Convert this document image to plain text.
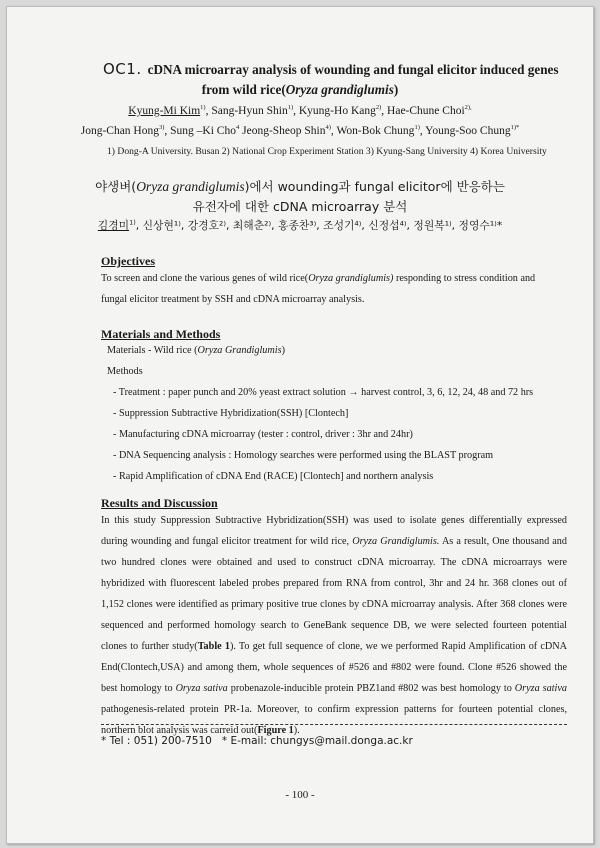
OC1. cDNA microarray analysis of wounding and fungal elicitor induced genes
from wild rice(Oryza grandiglumis)
Kyung-Mi Kim$^{1)}$, Sang-Hyun Shin$^{1)}$, Kyung-Ho Kang$^{2)}$, Hae-Chune Choi$^{2),}$
Jong-Chan Hong$^{3)}$, Sung –Ki Cho$^4$ Jeong-Sheop Shin$^{4)}$, Won-Bok Chung$^{1)}$, Young-Soo Chung$^{1)*}$
1) Dong-A University. Busan 2) National Crop Experiment Station 3) Kyung-Sang University 4) Korea University
야생벼(Oryza grandiglumis)에서 wounding과 fungal elicitor에 반응하는
유전자에 대한 cDNA microarray 분석
김경미$^{1)}$, 신상현¹⁾, 강경호²⁾, 최해춘²⁾, 홍종찬³⁾, 조성기⁴⁾, 신정섭⁴⁾, 정원복¹⁾, 정영수¹⁾*
Objectives
To screen and clone the various genes of wild rice(Oryza grandiglumis) responding to stress condition and
fungal elicitor treatment by SSH and cDNA microarray analysis.
Materials and Methods
Materials - Wild rice (Oryza Grandiglumis)
Methods
- Treatment : paper punch and 20% yeast extract solution → harvest control, 3, 6, 12, 24, 48 and 72 hrs
- Suppression Subtractive Hybridization(SSH) [Clontech]
- Manufacturing cDNA microarray (tester : control, driver : 3hr and 24hr)
- DNA Sequencing analysis : Homology searches were performed using the BLAST program
- Rapid Amplification of cDNA End (RACE) [Clontech] and northern analysis
Results and Discussion
In this study Suppression Subtractive Hybridization(SSH) was used to isolate genes differentially expressed during wounding and fungal elicitor treatment for wild rice, Oryza Grandiglumis. As a result, One thousand and two hundred clones were obtained and used to construct cDNA microarray. The cDNA microarrays were hybridized with fluorescent labeled probes prepared from RNA from control, 3hr and 24 hr. 368 clones out of 1,152 clones were identified as primary positive true clones by cDNA microarray analysis. After 368 clones were sequenced and performed homology search to GeneBank sequence DB, we were selected fourteen potential clones to further study(Table 1). To get full sequence of clone, we we performed Rapid Amplification of cDNA End(Clontech,USA) and among them, whole sequences of #526 and #802 were found. Clone #526 showed the best homology to Oryza sativa probenazole-inducible protein PBZ1and #802 was best homology to Oryza sativa pathogenesis-related protein PR-1a. Moreover, to confirm expression patterns for fourteen potential clones, northern blot analysis was carreid out(Figure 1).
* Tel : 051) 200-7510 * E-mail: chungys@mail.donga.ac.kr
- 100 -
